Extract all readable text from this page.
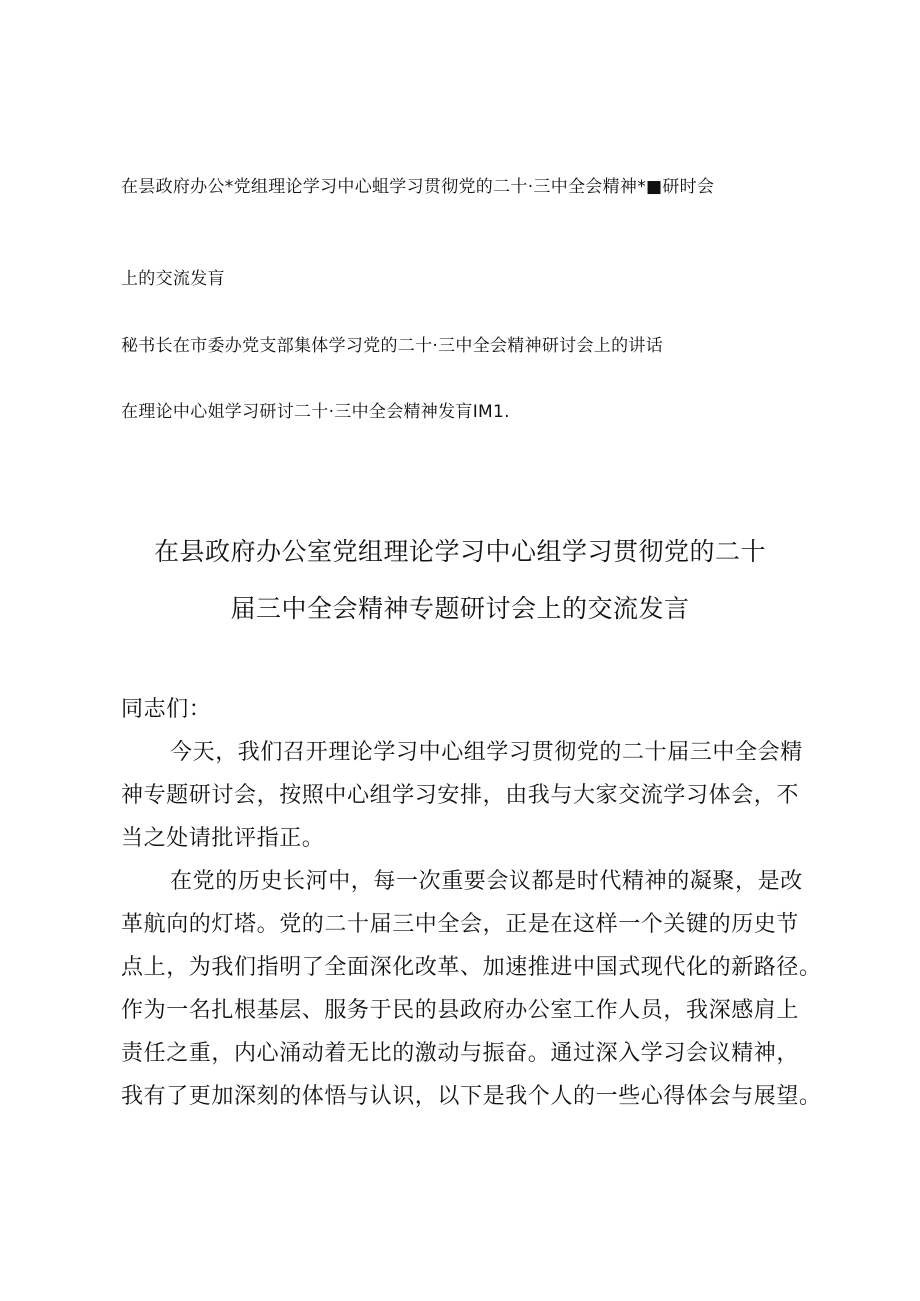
在昙政府办公*党组理论学习中心蛆学习贯彻党的二十·三中全会精神*■研时会
上的交流发肓
秘书长在市委办党支部集体学习党的二十·三中全会精神研讨会上的讲话
在理论中心姐学习研讨二十·三中全会精神发肓IM1.
在县政府办公室党组理论学习中心组学习贯彻党的二十
届三中全会精神专题研讨会上的交流发言
同志们：
今天，我们召开理论学习中心组学习贯彻党的二十届三中全会精
神专题研讨会，按照中心组学习安排，由我与大家交流学习体会，不
当之处请批评指正。
在党的历史长河中，每一次重要会议都是时代精神的凝聚，是改
革航向的灯塔。党的二十届三中全会，正是在这样一个关键的历史节
点上，为我们指明了全面深化改革、加速推进中国式现代化的新路径。
作为一名扎根基层、服务于民的县政府办公室工作人员，我深感肩上
责任之重，内心涌动着无比的激动与振奋。通过深入学习会议精神，
我有了更加深刻的体悟与认识，以下是我个人的一些心得体会与展望。
